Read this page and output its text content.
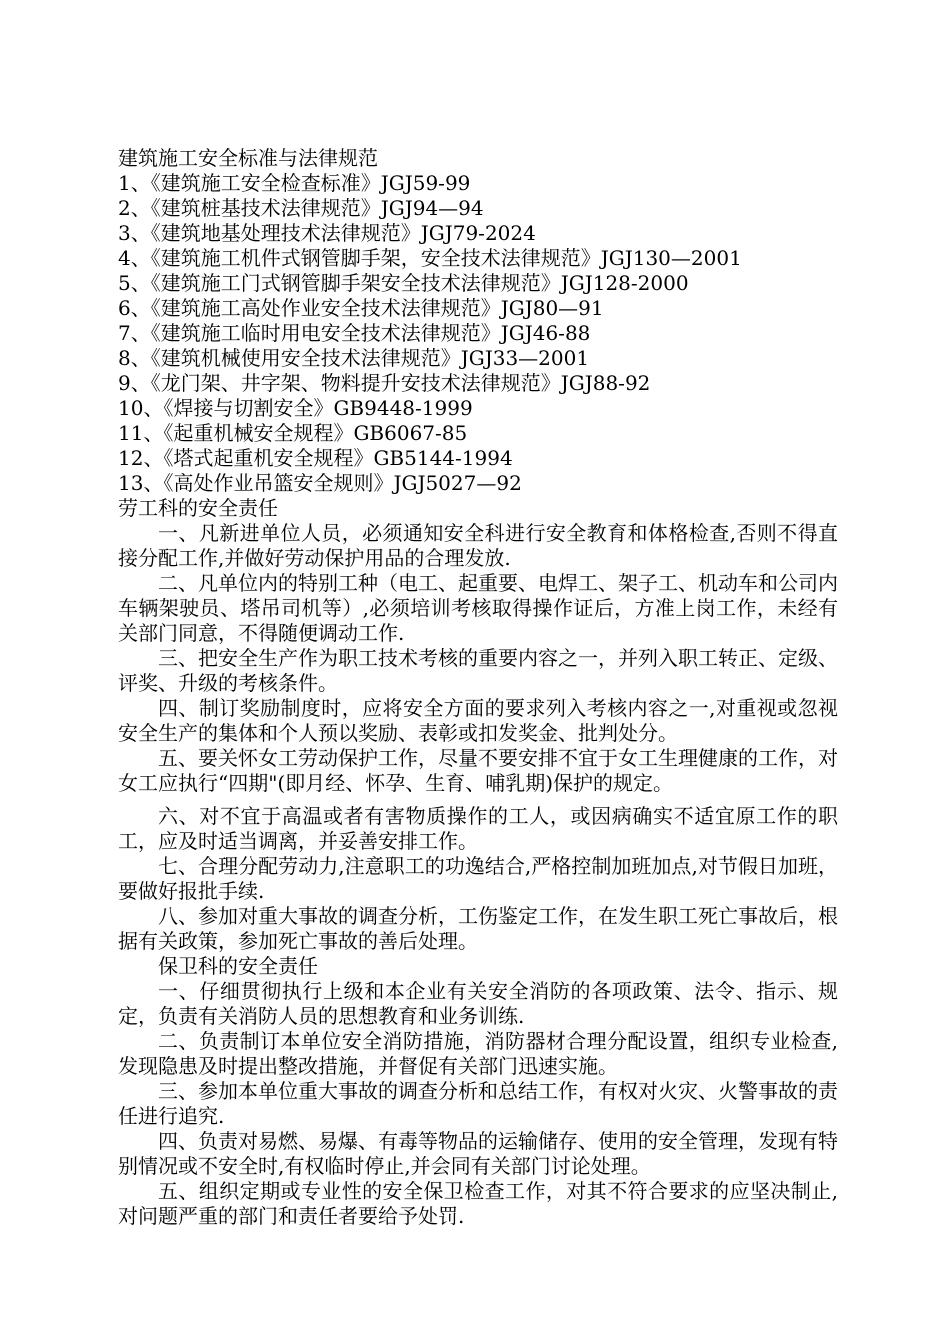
建筑施工安全标准与法律规范
1、《建筑施工安全检查标准》JGJ59-99
2、《建筑桩基技术法律规范》JGJ94—94
3、《建筑地基处理技术法律规范》JGJ79-2024
4、《建筑施工机件式钢管脚手架，安全技术法律规范》JGJ130—2001
5、《建筑施工门式钢管脚手架安全技术法律规范》JGJ128-2000
6、《建筑施工高处作业安全技术法律规范》JGJ80—91
7、《建筑施工临时用电安全技术法律规范》JGJ46-88
8、《建筑机械使用安全技术法律规范》JGJ33—2001
9、《龙门架、井字架、物料提升安技术法律规范》JGJ88-92
10、《焊接与切割安全》GB9448-1999
11、《起重机械安全规程》GB6067-85
12、《塔式起重机安全规程》GB5144-1994
13、《高处作业吊篮安全规则》JGJ5027—92
劳工科的安全责任

一、凡新进单位人员，必须通知安全科进行安全教育和体格检查,否则不得直接分配工作,并做好劳动保护用品的合理发放.

二、凡单位内的特别工种（电工、起重要、电焊工、架子工、机动车和公司内车辆架驶员、塔吊司机等）,必须培训考核取得操作证后，方准上岗工作，未经有关部门同意，不得随便调动工作.

三、把安全生产作为职工技术考核的重要内容之一，并列入职工转正、定级、评奖、升级的考核条件。

四、制订奖励制度时，应将安全方面的要求列入考核内容之一,对重视或忽视安全生产的集体和个人预以奖励、表彰或扣发奖金、批判处分。

五、要关怀女工劳动保护工作，尽量不要安排不宜于女工生理健康的工作，对女工应执行“四期"(即月经、怀孕、生育、哺乳期)保护的规定。

六、对不宜于高温或者有害物质操作的工人，或因病确实不适宜原工作的职工，应及时适当调离，并妥善安排工作。

七、合理分配劳动力,注意职工的功逸结合,严格控制加班加点,对节假日加班，要做好报批手续.

八、参加对重大事故的调查分析，工伤鉴定工作，在发生职工死亡事故后，根据有关政策，参加死亡事故的善后处理。

保卫科的安全责任

一、仔细贯彻执行上级和本企业有关安全消防的各项政策、法令、指示、规定，负责有关消防人员的思想教育和业务训练.

二、负责制订本单位安全消防措施，消防器材合理分配设置，组织专业检查,发现隐患及时提出整改措施，并督促有关部门迅速实施。

三、参加本单位重大事故的调查分析和总结工作，有权对火灾、火警事故的责任进行追究.

四、负责对易燃、易爆、有毒等物品的运输储存、使用的安全管理，发现有特别情况或不安全时,有权临时停止,并会同有关部门讨论处理。

五、组织定期或专业性的安全保卫检查工作，对其不符合要求的应坚决制止,对问题严重的部门和责任者要给予处罚.
